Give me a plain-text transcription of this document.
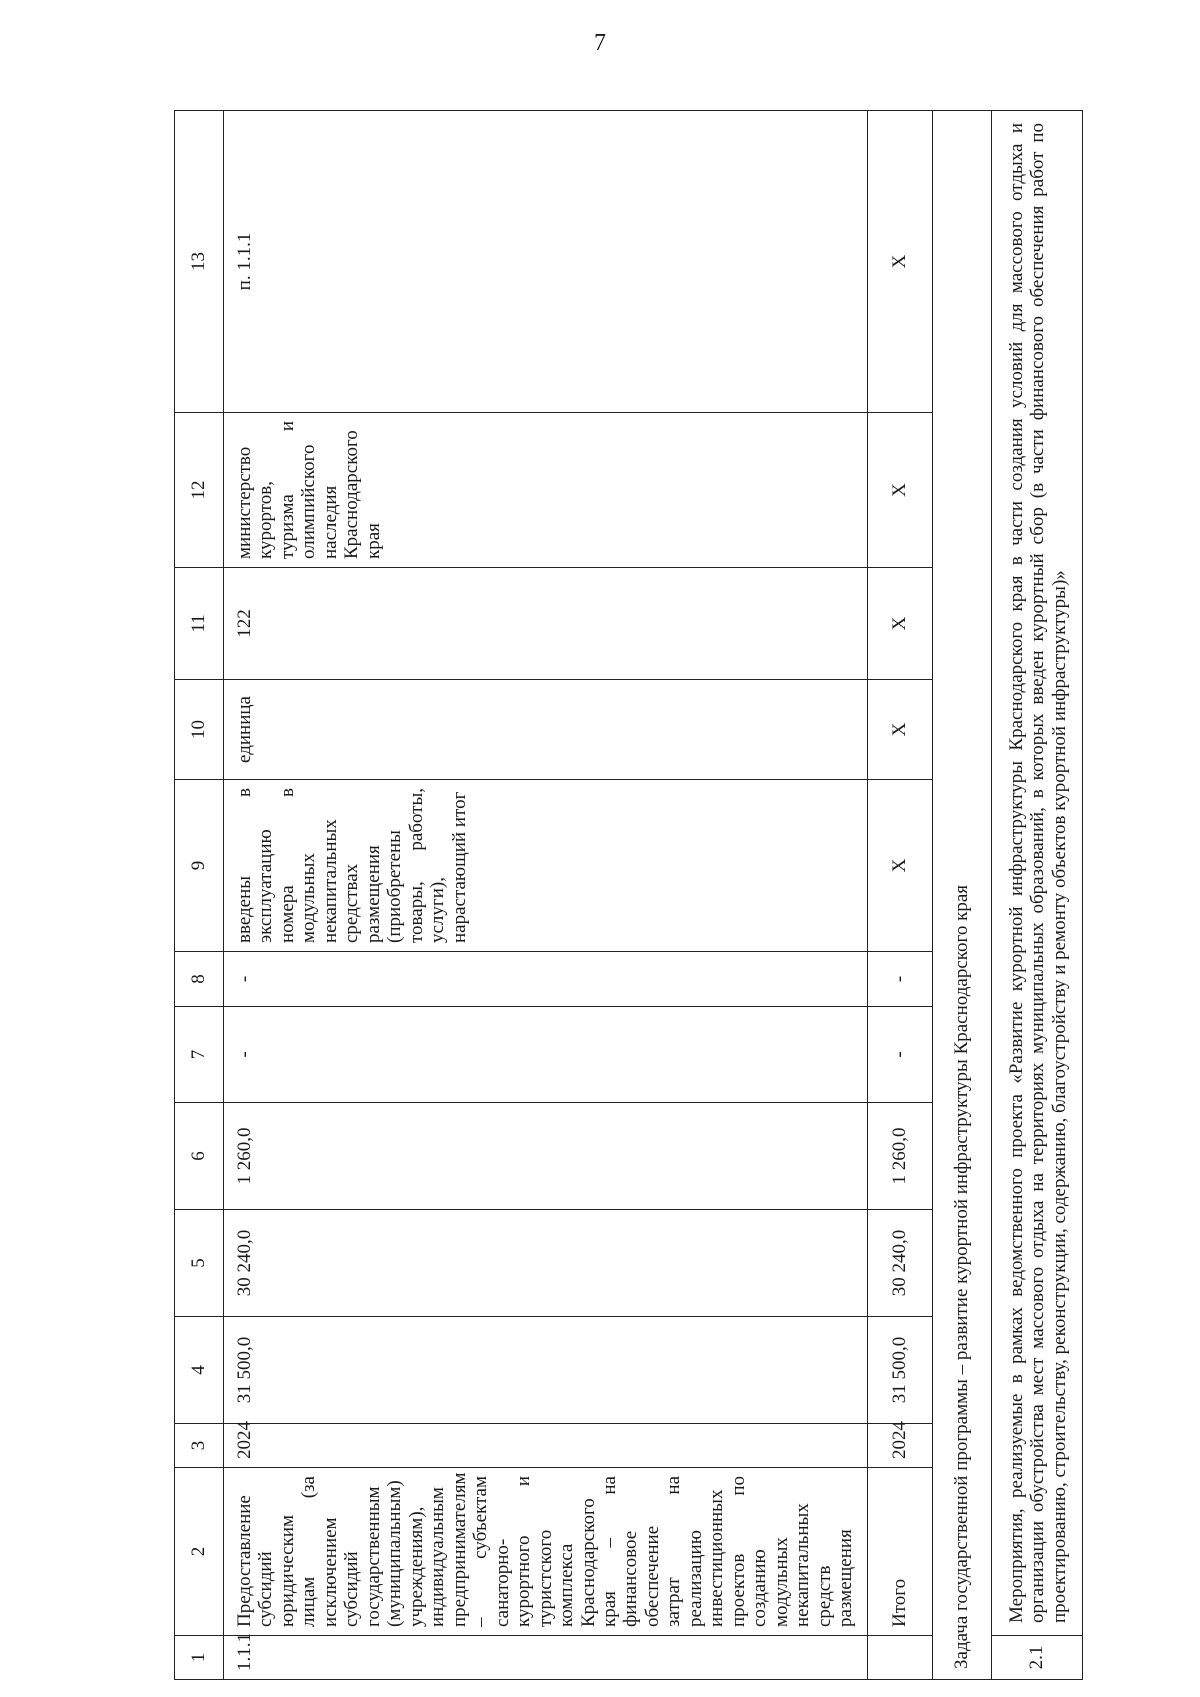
7
1	2	3	4	5	6	7	8	9	10	11	12	13
1.1.1	Предоставление субсидий юридическим лицам (за исключением субсидий государственным (муниципальным) учреждениям), индивидуальным предпринимателям – субъектам санаторно-курортного и туристского комплекса Краснодарского края – на финансовое обеспечение затрат на реализацию инвестиционных проектов по созданию модульных некапитальных средств размещения	2024	31 500,0	30 240,0	1 260,0	-	-	введены в эксплуатацию номера в модульных некапитальных средствах размещения (приобретены товары, работы, услуги), нарастающий итог	единица	122	министерство курортов, туризма и олимпийского наследия Краснодарского края	п. 1.1.1
	Итого	2024	31 500,0	30 240,0	1 260,0	-	-	Х	Х	Х	Х	Х
Задача государственной программы – развитие курортной инфраструктуры Краснодарского края												
2.1	Мероприятия, реализуемые в рамках ведомственного проекта «Развитие курортной инфраструктуры Краснодарского края в части создания условий для массового отдыха и организации обустройства мест массового отдыха на территориях муниципальных образований, в которых введен курортный сбор (в части финансового обеспечения работ по проектированию, строительству, реконструкции, содержанию, благоустройству и ремонту объектов курортной инфраструктуры)»											
